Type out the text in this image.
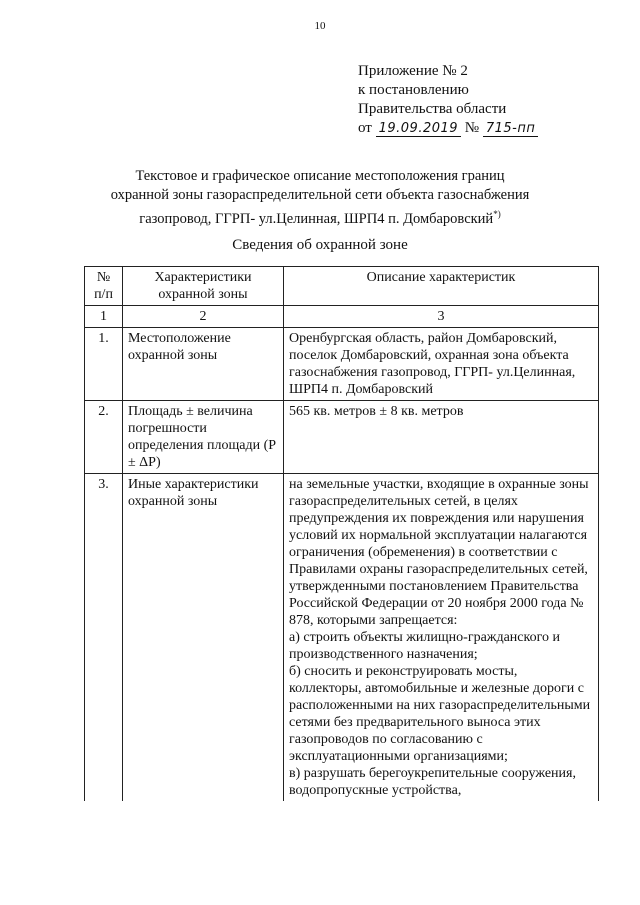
10
Приложение № 2
к постановлению
Правительства области
от 19.09.2019 № 715-пп
Текстовое и графическое описание местоположения границ
охранной зоны газораспределительной сети объекта газоснабжения
газопровод, ГГРП- ул.Целинная, ШРП4 п. Домбаровский*)
Сведения об охранной зоне
№ п/п	Характеристики охранной зоны	Описание характеристик
1	2	3
1.	Местоположение охранной зоны	Оренбургская область, район Домбаровский, поселок Домбаровский, охранная зона объекта газоснабжения газопровод, ГГРП- ул.Целинная, ШРП4 п. Домбаровский
2.	Площадь ± величина погрешности определения площади (P ± ΔP)	565 кв. метров ± 8 кв. метров
3.	Иные характеристики охранной зоны	на земельные участки, входящие в охранные зоны газораспределительных сетей, в целях предупреждения их повреждения или нарушения условий их нормальной эксплуатации налагаются ограничения (обременения) в соответствии с Правилами охраны газораспределительных сетей, утвержденными постановлением Правительства Российской Федерации от 20 ноября 2000 года № 878, которыми запрещается:
а) строить объекты жилищно-гражданского и производственного назначения;
б) сносить и реконструировать мосты, коллекторы, автомобильные и железные дороги с расположенными на них газораспределительными сетями без предварительного выноса этих газопроводов по согласованию с эксплуатационными организациями;
в) разрушать берегоукрепительные сооружения, водопропускные устройства,
